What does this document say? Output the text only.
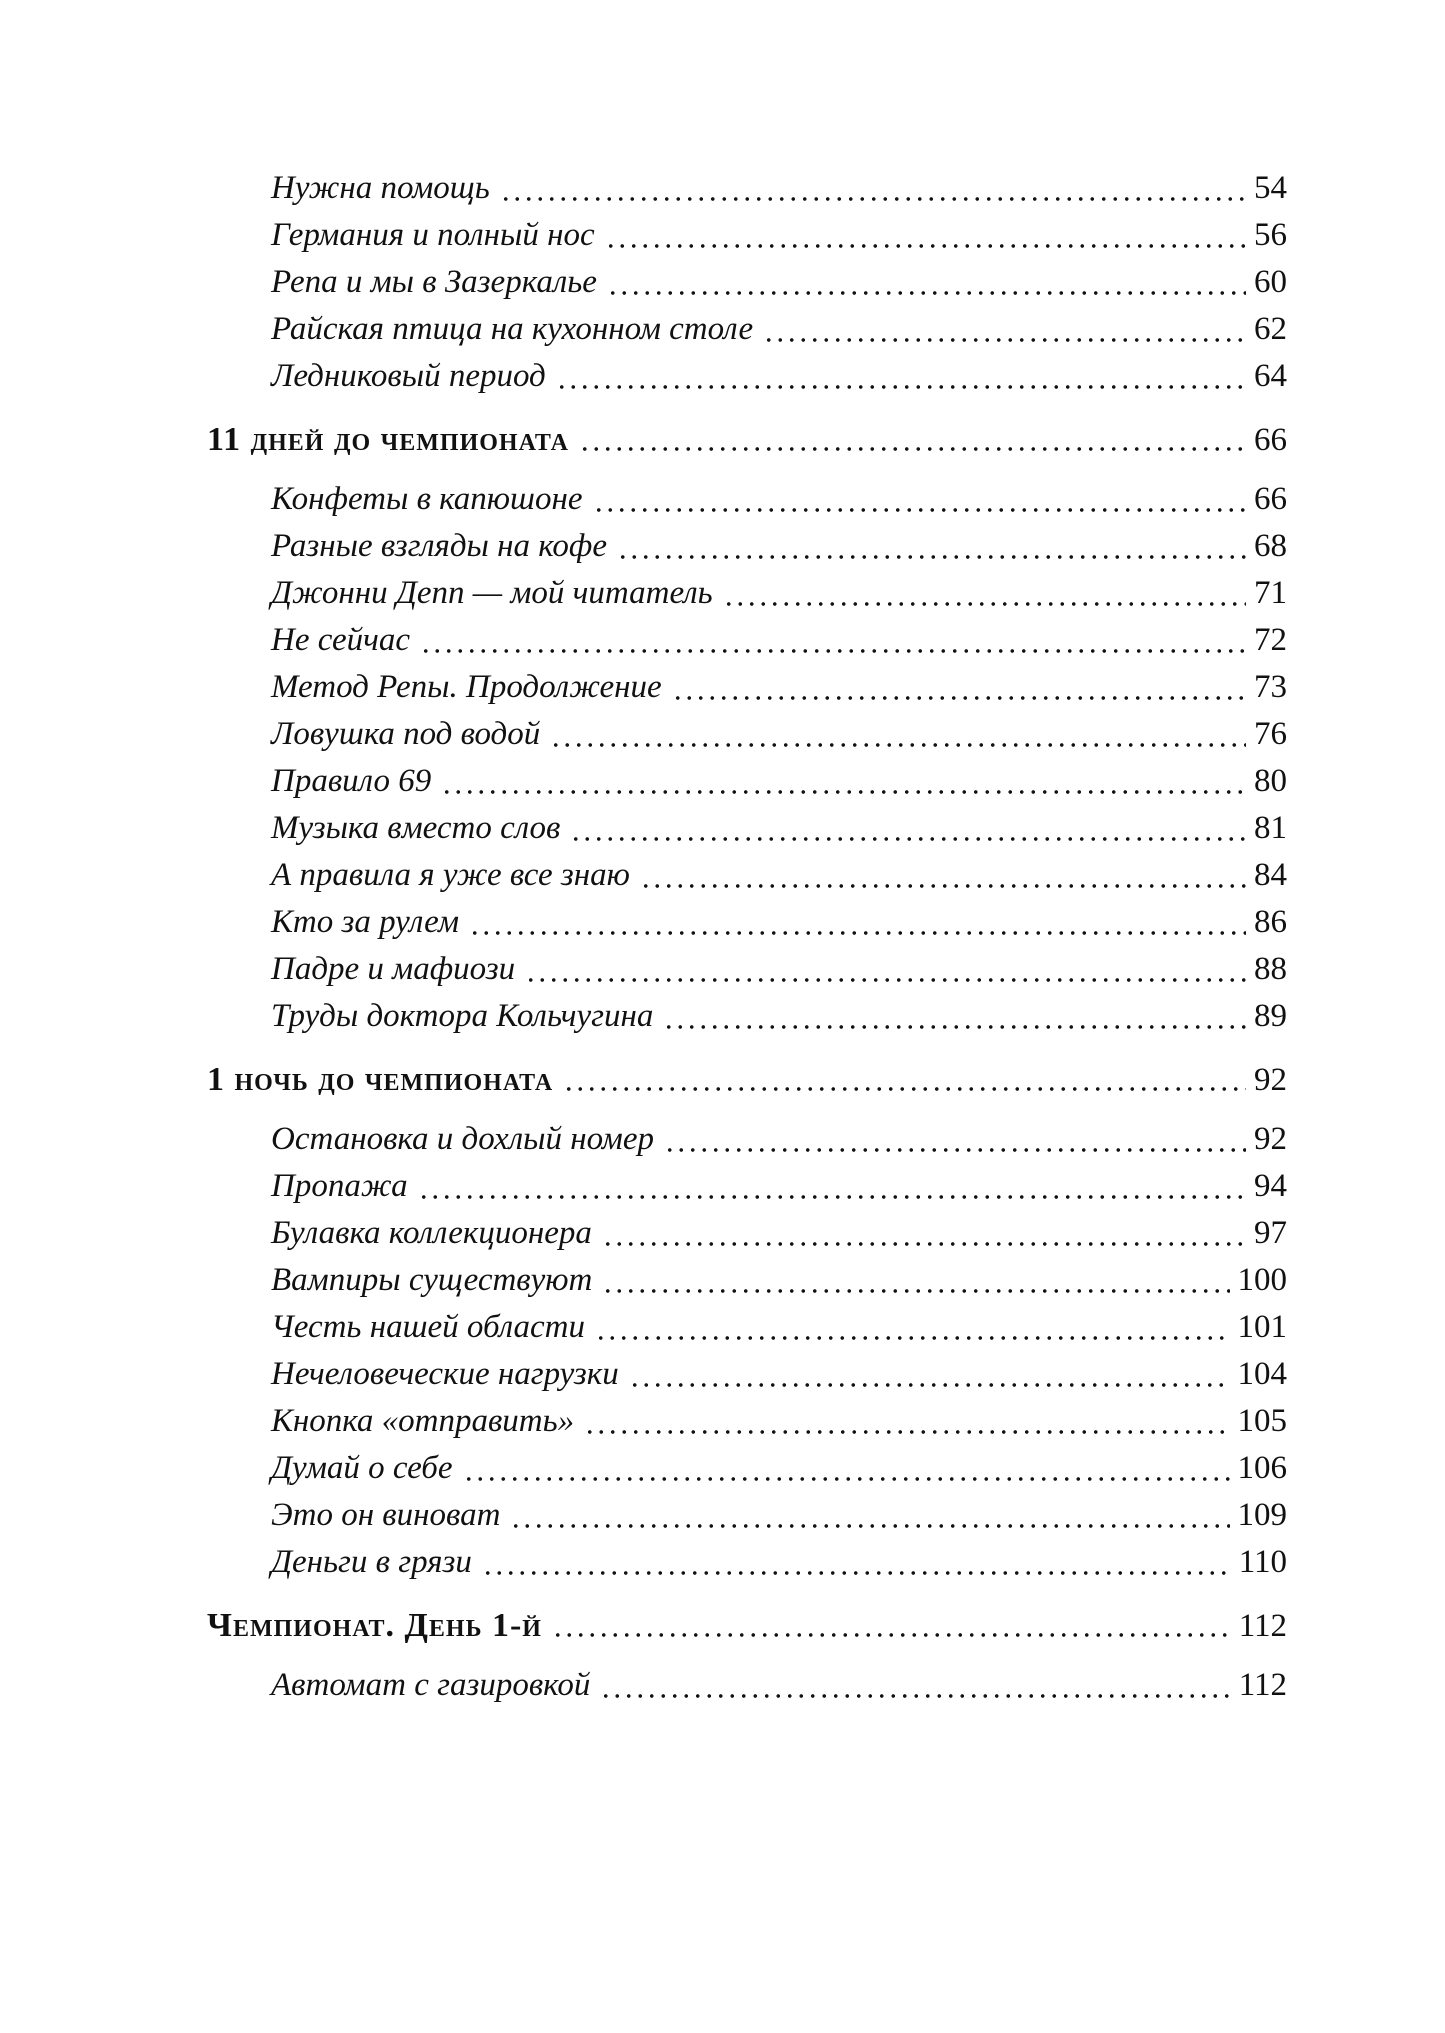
Нужна помощь	54
Германия и полный нос	56
Репа и мы в Зазеркалье	60
Райская птица на кухонном столе	62
Ледниковый период	64
11 дней до чемпионата	66
Конфеты в капюшоне	66
Разные взгляды на кофе	68
Джонни Депп — мой читатель	71
Не сейчас	72
Метод Репы. Продолжение	73
Ловушка под водой	76
Правило 69	80
Музыка вместо слов	81
А правила я уже все знаю	84
Кто за рулем	86
Падре и мафиози	88
Труды доктора Кольчугина	89
1 ночь до чемпионата	92
Остановка и дохлый номер	92
Пропажа	94
Булавка коллекционера	97
Вампиры существуют	100
Честь нашей области	101
Нечеловеческие нагрузки	104
Кнопка «отправить»	105
Думай о себе	106
Это он виноват	109
Деньги в грязи	110
Чемпионат. День 1-й	112
Автомат с газировкой	112
